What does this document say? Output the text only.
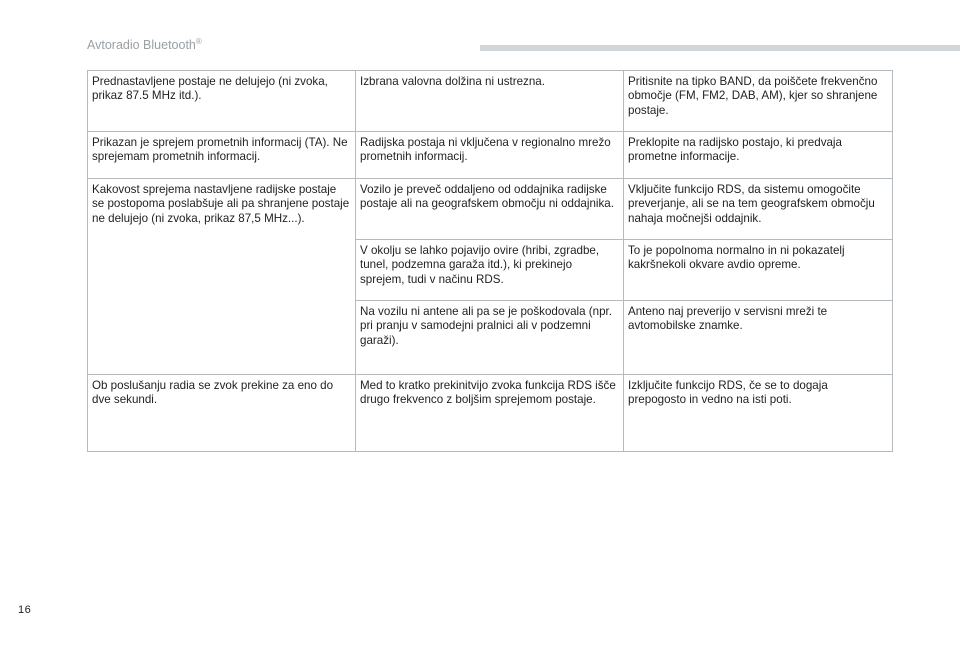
Avtoradio Bluetooth®
Prednastavljene postaje ne delujejo (ni zvoka, prikaz 87.5 MHz itd.).	Izbrana valovna dolžina ni ustrezna.	Pritisnite na tipko BAND, da poiščete frekvenčno območje (FM, FM2, DAB, AM), kjer so shranjene postaje.
Prikazan je sprejem prometnih informacij (TA). Ne sprejemam prometnih informacij.	Radijska postaja ni vključena v regionalno mrežo prometnih informacij.	Preklopite na radijsko postajo, ki predvaja prometne informacije.
Kakovost sprejema nastavljene radijske postaje se postopoma poslabšuje ali pa shranjene postaje ne delujejo (ni zvoka, prikaz 87,5 MHz...).	Vozilo je preveč oddaljeno od oddajnika radijske postaje ali na geografskem območju ni oddajnika.	Vključite funkcijo RDS, da sistemu omogočite preverjanje, ali se na tem geografskem območju nahaja močnejši oddajnik.
	V okolju se lahko pojavijo ovire (hribi, zgradbe, tunel, podzemna garaža itd.), ki prekinejo sprejem, tudi v načinu RDS.	To je popolnoma normalno in ni pokazatelj kakršnekoli okvare avdio opreme.
	Na vozilu ni antene ali pa se je poškodovala (npr. pri pranju v samodejni pralnici ali v podzemni garaži).	Anteno naj preverijo v servisni mreži te avtomobilske znamke.
Ob poslušanju radia se zvok prekine za eno do dve sekundi.	Med to kratko prekinitvijo zvoka funkcija RDS išče drugo frekvenco z boljšim sprejemom postaje.	Izključite funkcijo RDS, če se to dogaja prepogosto in vedno na isti poti.
16
